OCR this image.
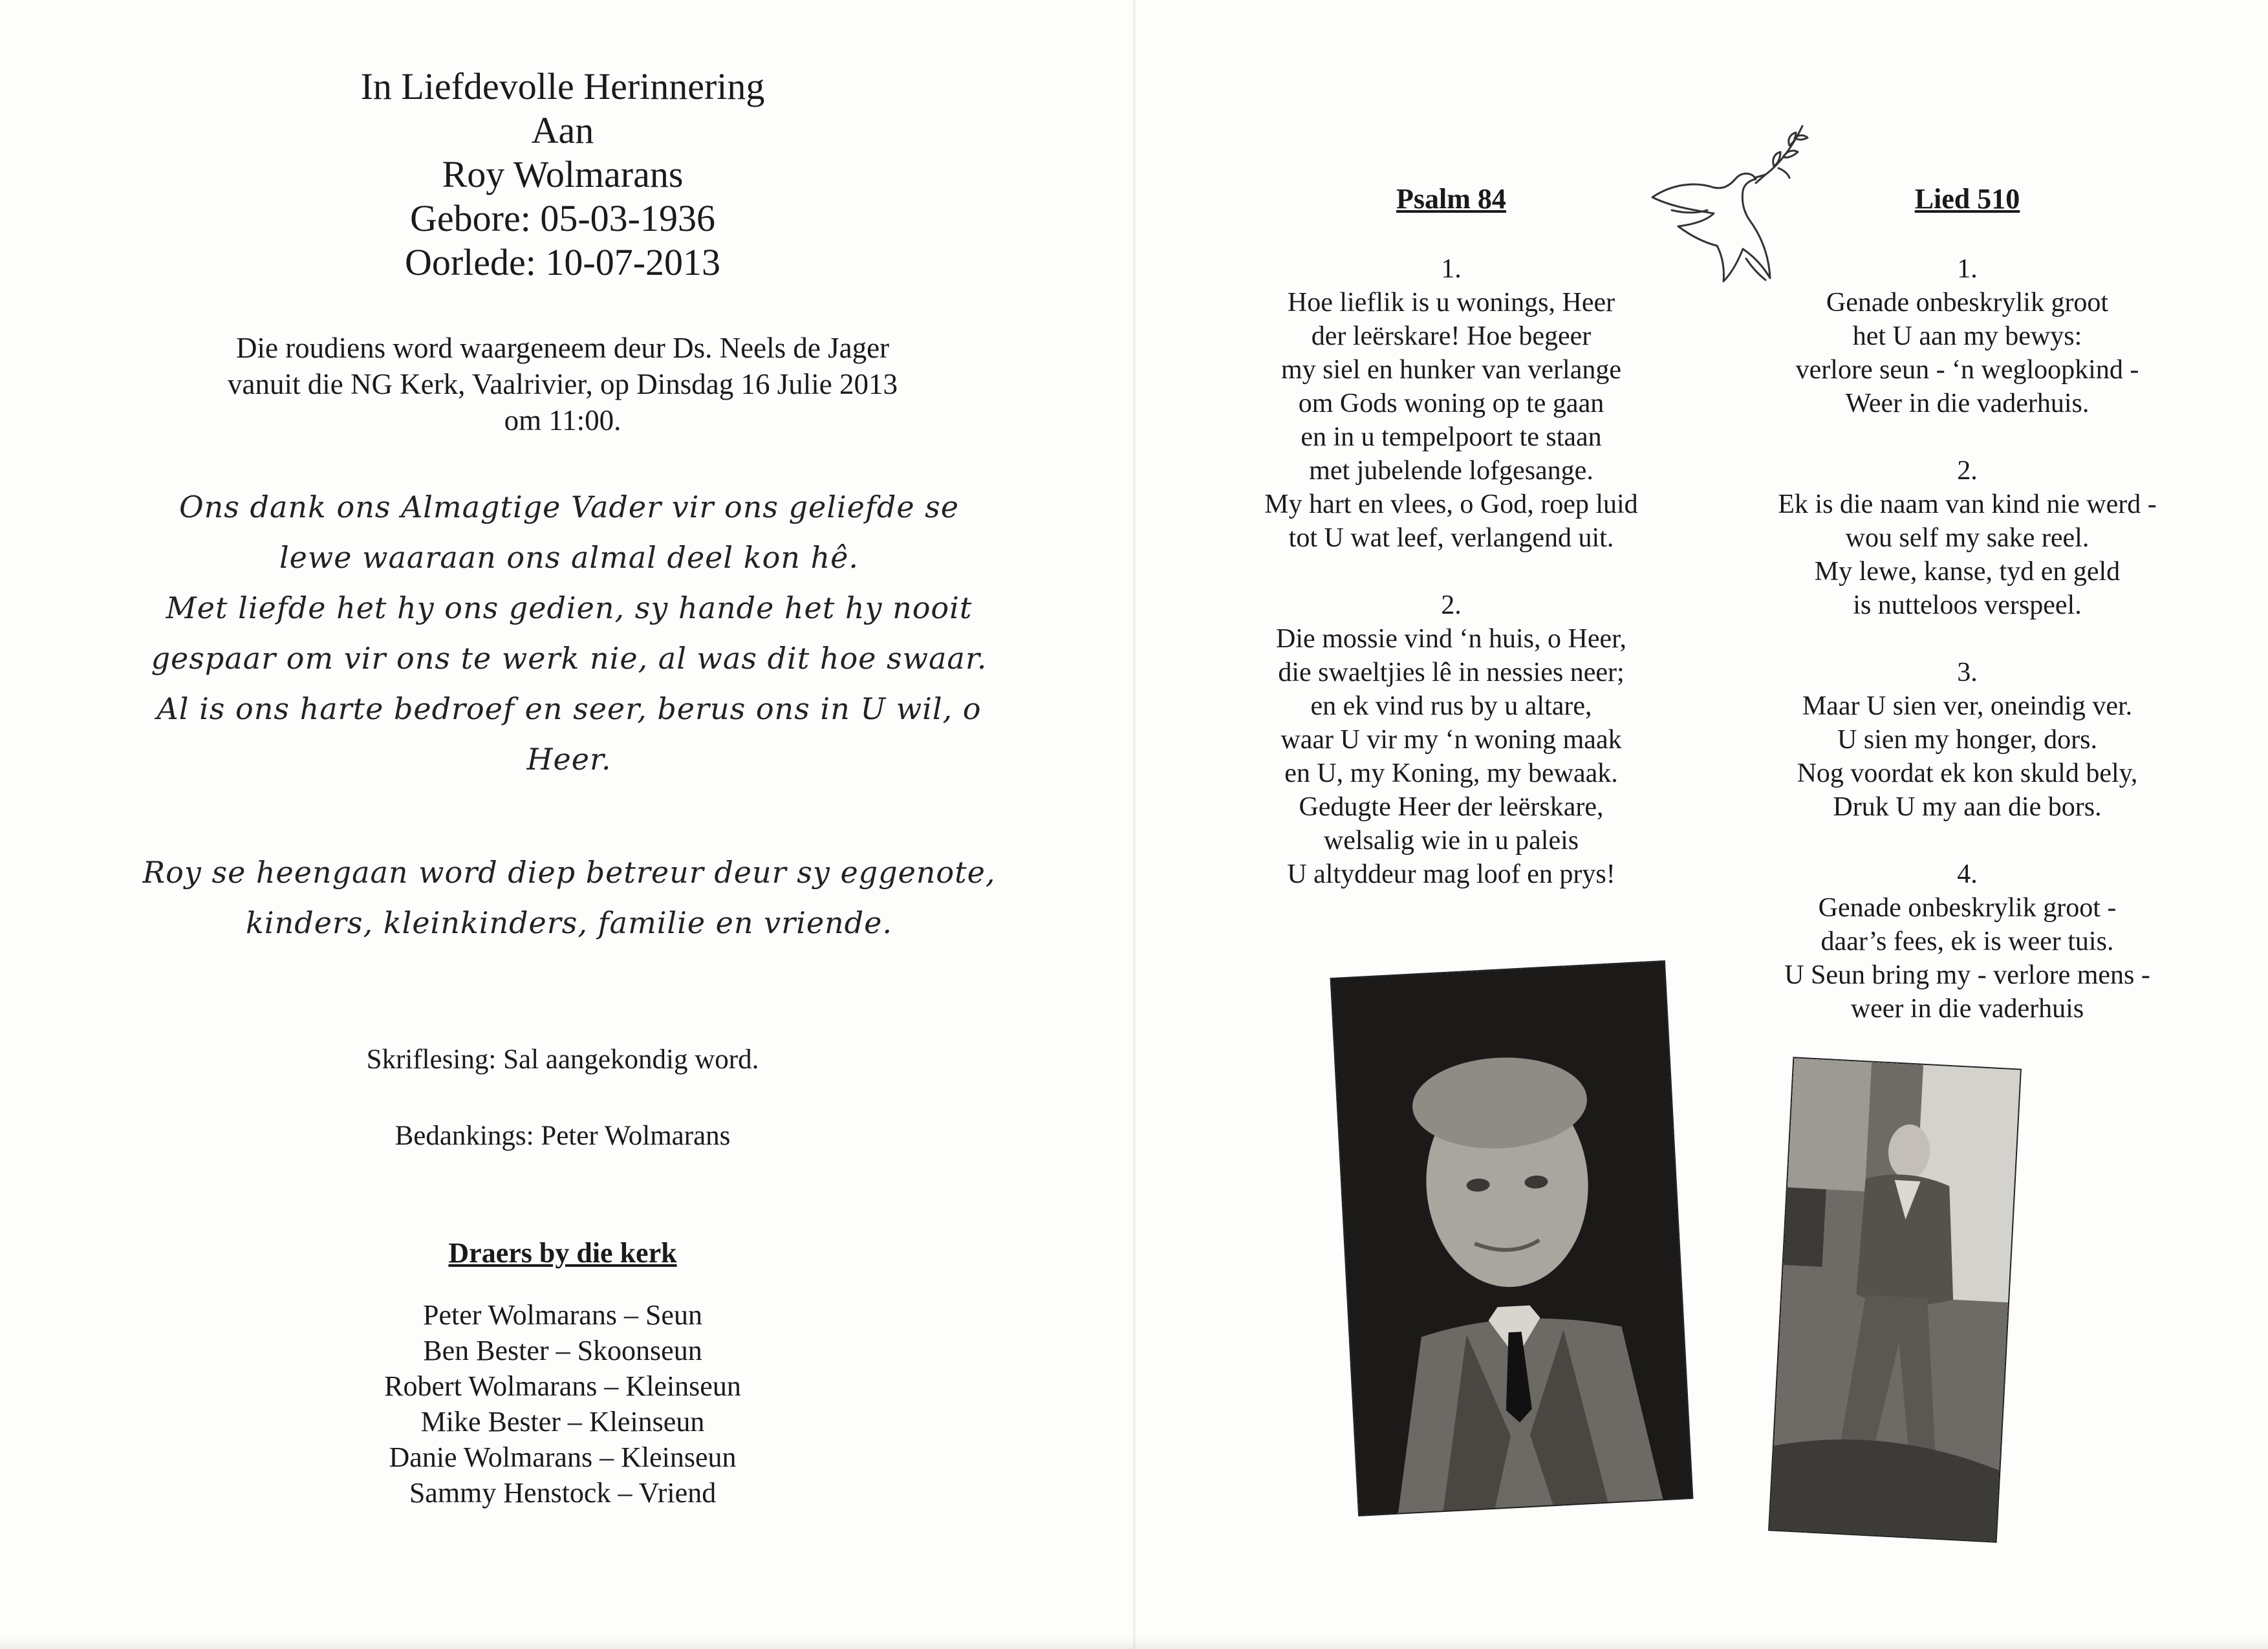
In Liefdevolle Herinnering
Aan
Roy Wolmarans
Gebore: 05-03-1936
Oorlede: 10-07-2013
Die roudiens word waargeneem deur Ds. Neels de Jager
vanuit die NG Kerk, Vaalrivier, op Dinsdag 16 Julie 2013
om 11:00.
Ons dank ons Almagtige Vader vir ons geliefde se
lewe waaraan ons almal deel kon hê.
Met liefde het hy ons gedien, sy hande het hy nooit
gespaar om vir ons te werk nie, al was dit hoe swaar.
Al is ons harte bedroef en seer, berus ons in U wil, o
Heer.
Roy se heengaan word diep betreur deur sy eggenote,
kinders, kleinkinders, familie en vriende.
Skriflesing: Sal aangekondig word.
Bedankings: Peter Wolmarans
Draers by die kerk
Peter Wolmarans – Seun
Ben Bester – Skoonseun
Robert Wolmarans – Kleinseun
Mike Bester – Kleinseun
Danie Wolmarans – Kleinseun
Sammy Henstock – Vriend
Psalm 84	Lied 510
1.
Hoe lieflik is u wonings, Heer
der leërskare! Hoe begeer
my siel en hunker van verlange
om Gods woning op te gaan
en in u tempelpoort te staan
met jubelende lofgesange.
My hart en vlees, o God, roep luid
tot U wat leef, verlangend uit.
2.
Die mossie vind ‘n huis, o Heer,
die swaeltjies lê in nessies neer;
en ek vind rus by u altare,
waar U vir my ‘n woning maak
en U, my Koning, my bewaak.
Gedugte Heer der leërskare,
welsalig wie in u paleis
U altyddeur mag loof en prys!
1.
Genade onbeskrylik groot
het U aan my bewys:
verlore seun - ‘n wegloopkind -
Weer in die vaderhuis.
2.
Ek is die naam van kind nie werd -
wou self my sake reel.
My lewe, kanse, tyd en geld
is nutteloos verspeel.
3.
Maar U sien ver, oneindig ver.
U sien my honger, dors.
Nog voordat ek kon skuld bely,
Druk U my aan die bors.
4.
Genade onbeskrylik groot -
daar’s fees, ek is weer tuis.
U Seun bring my - verlore mens -
weer in die vaderhuis
